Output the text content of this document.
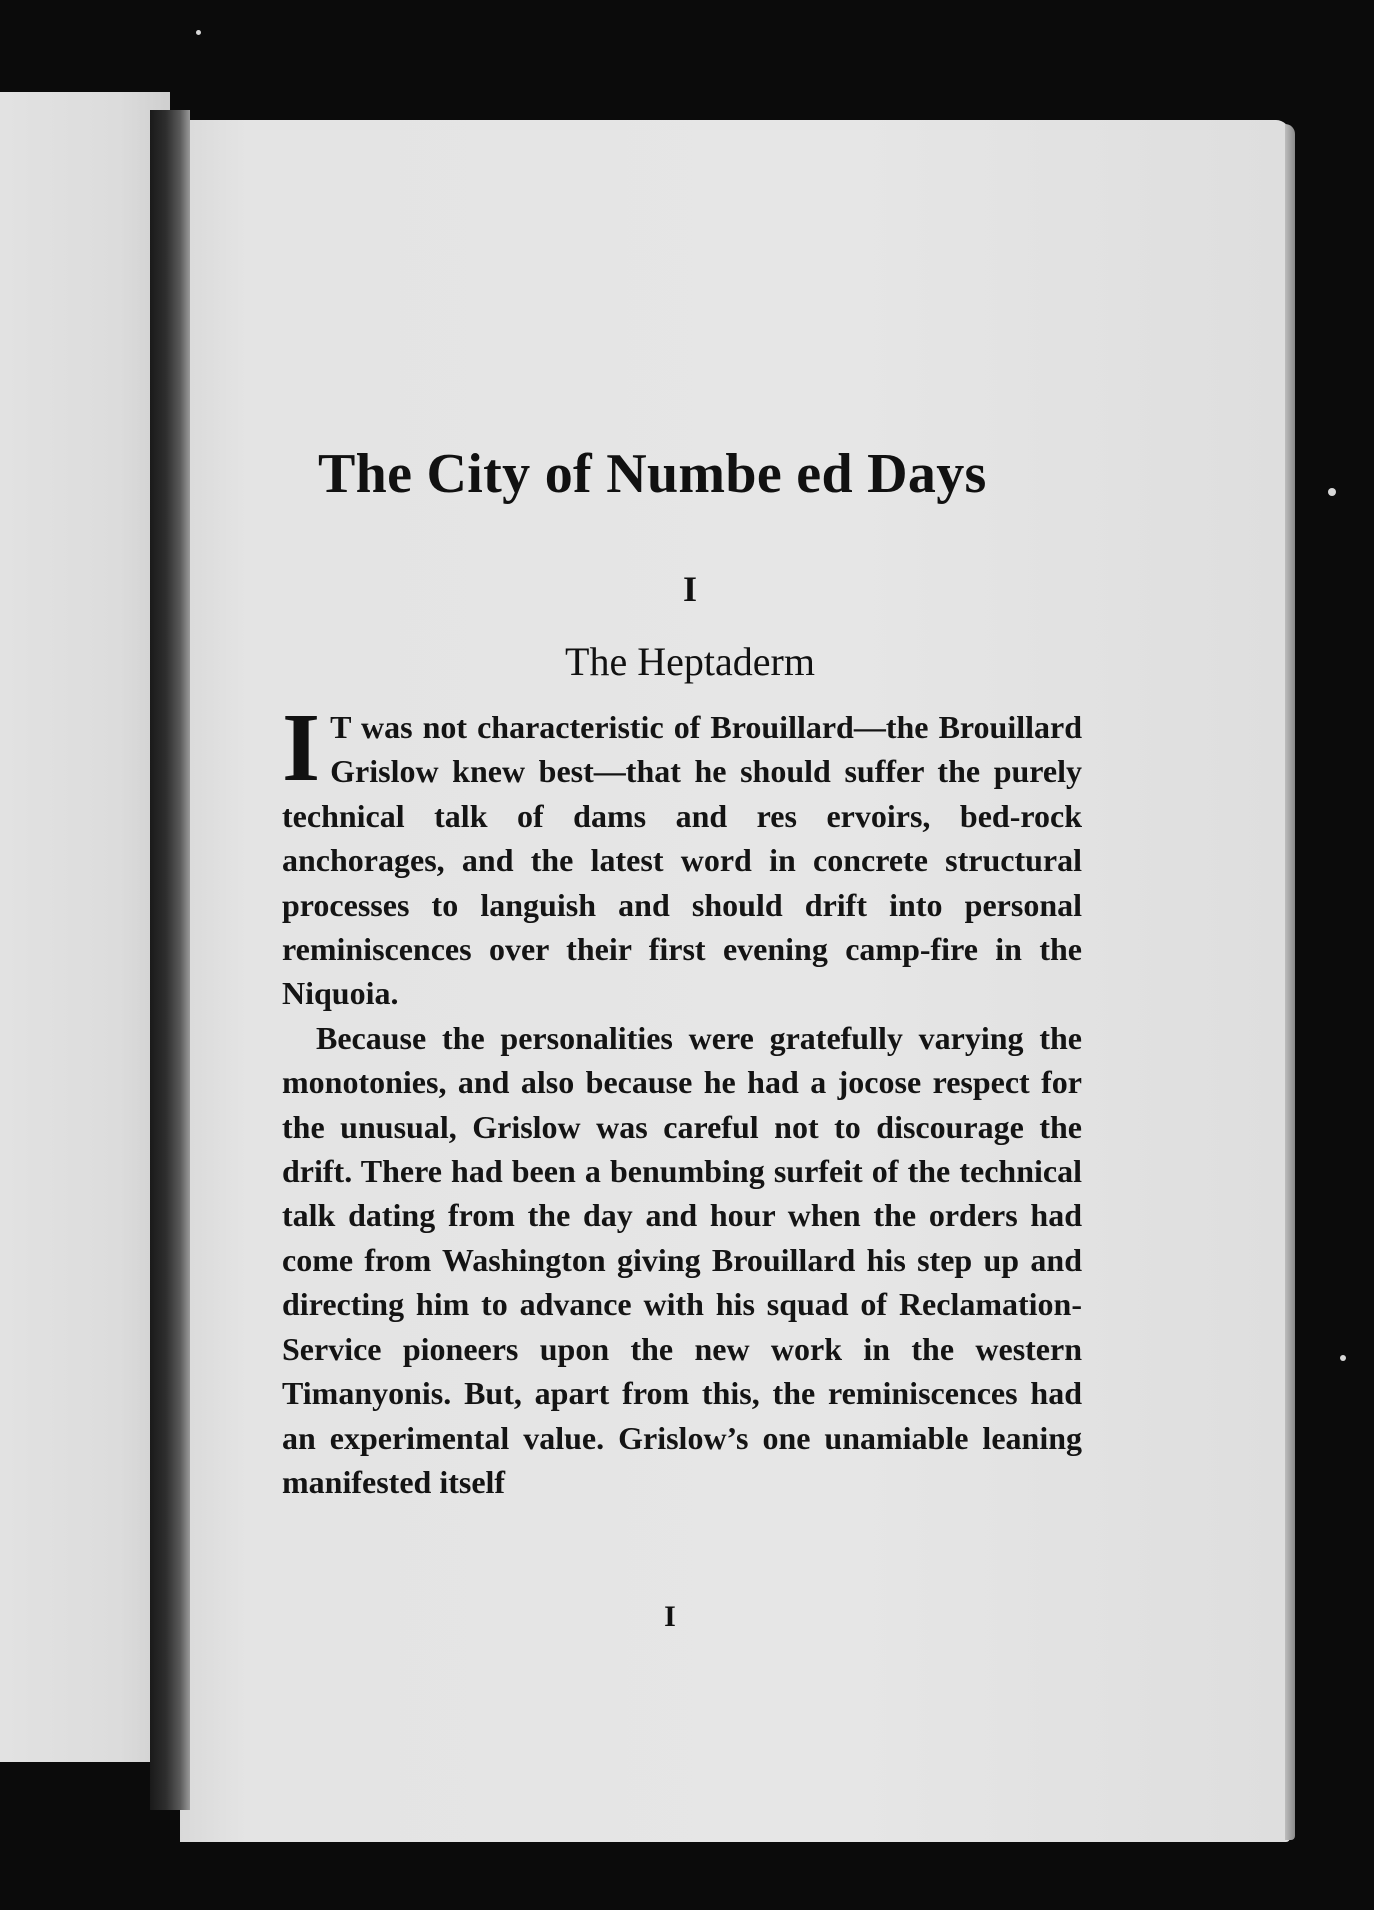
The City of Numbe ed Days
I
The Heptaderm

I T was not characteristic of Brouillard—the Brouillard Grislow knew best—that he should suffer the purely technical talk of dams and res ervoirs, bed-rock anchorages, and the latest word in concrete structural processes to languish and should drift into personal reminiscences over their first evening camp-fire in the Niquoia.

Because the personalities were gratefully varying the monotonies, and also because he had a jocose respect for the unusual, Grislow was careful not to discourage the drift. There had been a benumbing surfeit of the technical talk dating from the day and hour when the orders had come from Washington giving Brouillard his step up and directing him to advance with his squad of Reclamation-Service pioneers upon the new work in the western Timanyonis. But, apart from this, the reminiscences had an experimental value. Grislow’s one unamiable leaning manifested itself

I
